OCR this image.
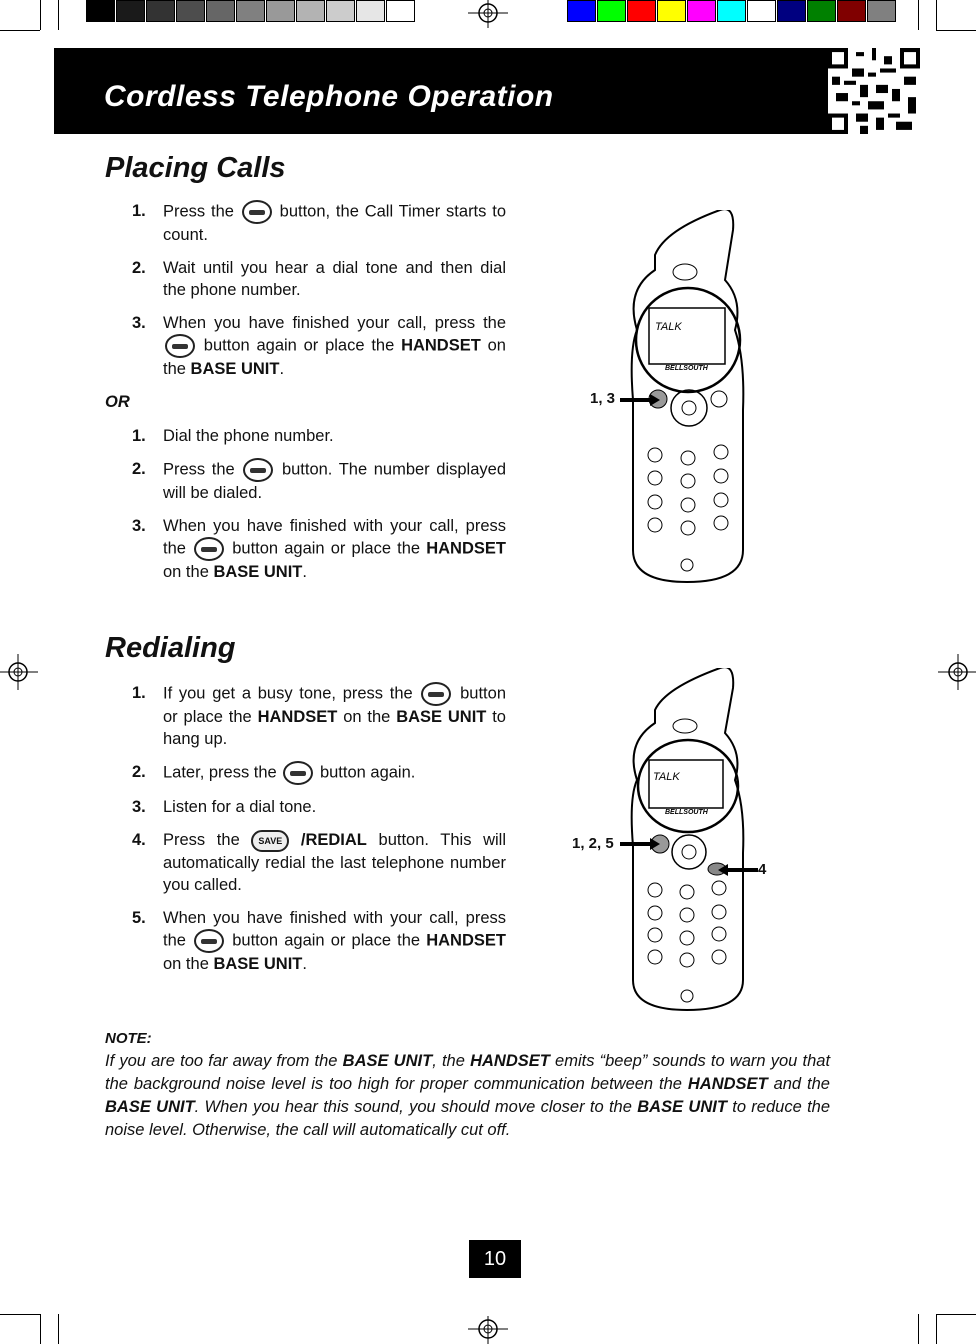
Cordless Telephone Operation
Placing Calls
1. Press the	button, the Call Timer starts to count.
2. Wait until you hear a dial tone and then dial the phone number.
3. When you have finished your call, press the  button again or place the HANDSET on the BASE UNIT.
OR
1. Dial the phone number.
2. Press the	button. The number displayed will be dialed.
3. When you have finished with your call, press the	button again or place the HANDSET on the BASE UNIT.
TALK
BELLSOUTH
1, 3
Redialing
1. If you get a busy tone, press the	button or place the HANDSET on the BASE UNIT to hang up.
2. Later, press the	button again.
3. Listen for a dial tone.
4. Press the SAVE /REDIAL button. This will automatically redial the last telephone number you called.
5. When you have finished with your call, press the	button again or place the HANDSET on the BASE UNIT.
TALK
BELLSOUTH
1, 2, 5
4
NOTE:
If you are too far away from the BASE UNIT, the HANDSET emits “beep” sounds to warn you that the background noise level is too high for proper communication between the HANDSET and the BASE UNIT. When you hear this sound, you should move closer to the BASE UNIT to reduce the noise level. Otherwise, the call will automatically cut off.
10
